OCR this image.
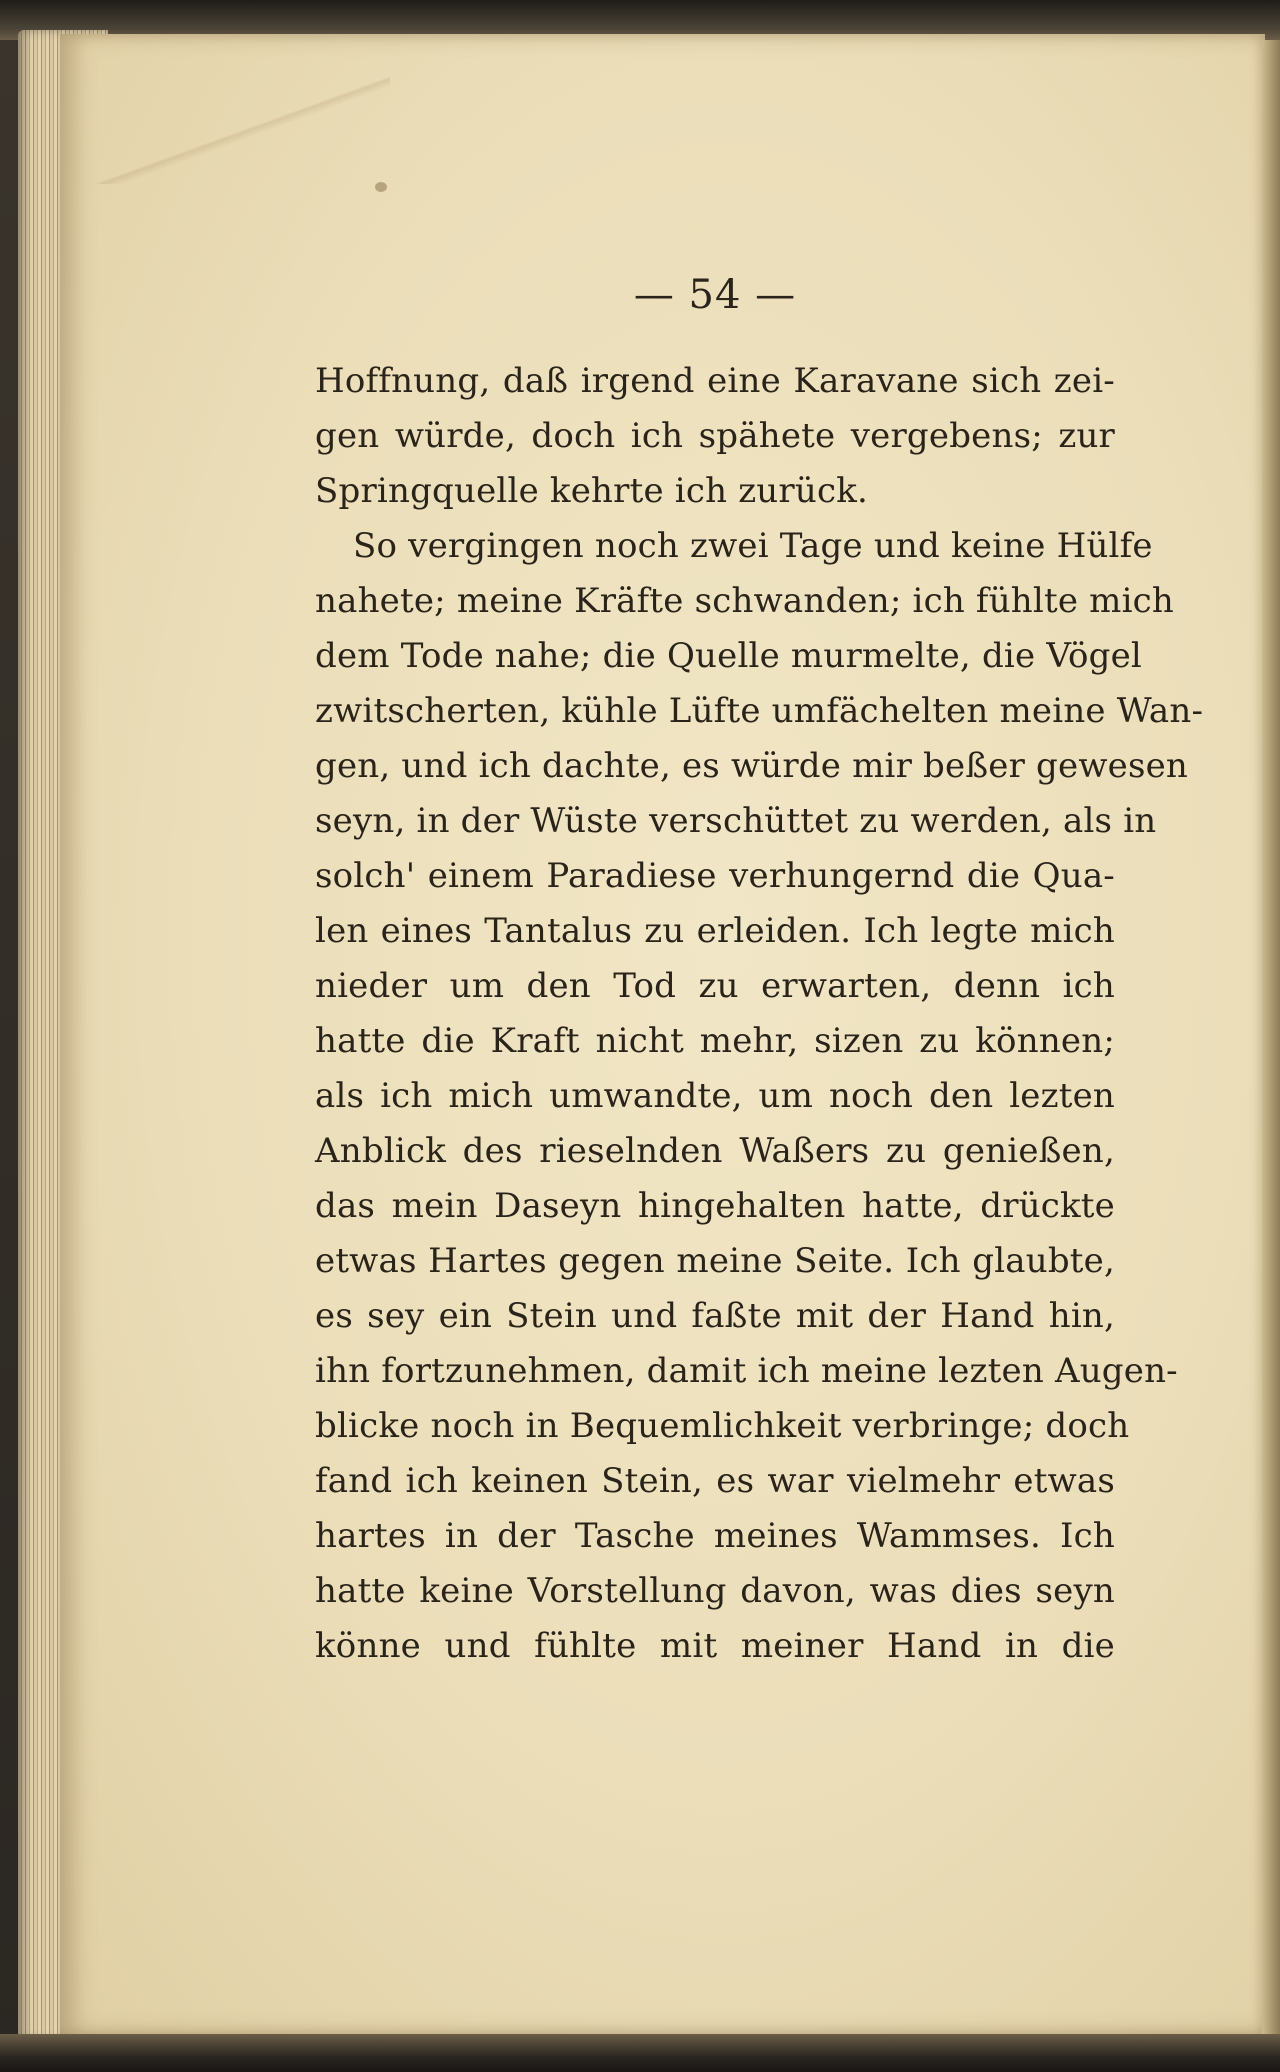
— 54 —
Hoffnung, daß irgend eine Karavane sich zei-
gen würde, doch ich spähete vergebens; zur
Springquelle kehrte ich zurück.
So vergingen noch zwei Tage und keine Hülfe
nahete; meine Kräfte schwanden; ich fühlte mich
dem Tode nahe; die Quelle murmelte, die Vögel
zwitscherten, kühle Lüfte umfächelten meine Wan-
gen, und ich dachte, es würde mir beßer gewesen
seyn, in der Wüste verschüttet zu werden, als in
solch' einem Paradiese verhungernd die Qua-
len eines Tantalus zu erleiden. Ich legte mich
nieder um den Tod zu erwarten, denn ich
hatte die Kraft nicht mehr, sizen zu können;
als ich mich umwandte, um noch den lezten
Anblick des rieselnden Waßers zu genießen,
das mein Daseyn hingehalten hatte, drückte
etwas Hartes gegen meine Seite. Ich glaubte,
es sey ein Stein und faßte mit der Hand hin,
ihn fortzunehmen, damit ich meine lezten Augen-
blicke noch in Bequemlichkeit verbringe; doch
fand ich keinen Stein, es war vielmehr etwas
hartes in der Tasche meines Wammses. Ich
hatte keine Vorstellung davon, was dies seyn
könne und fühlte mit meiner Hand in die
